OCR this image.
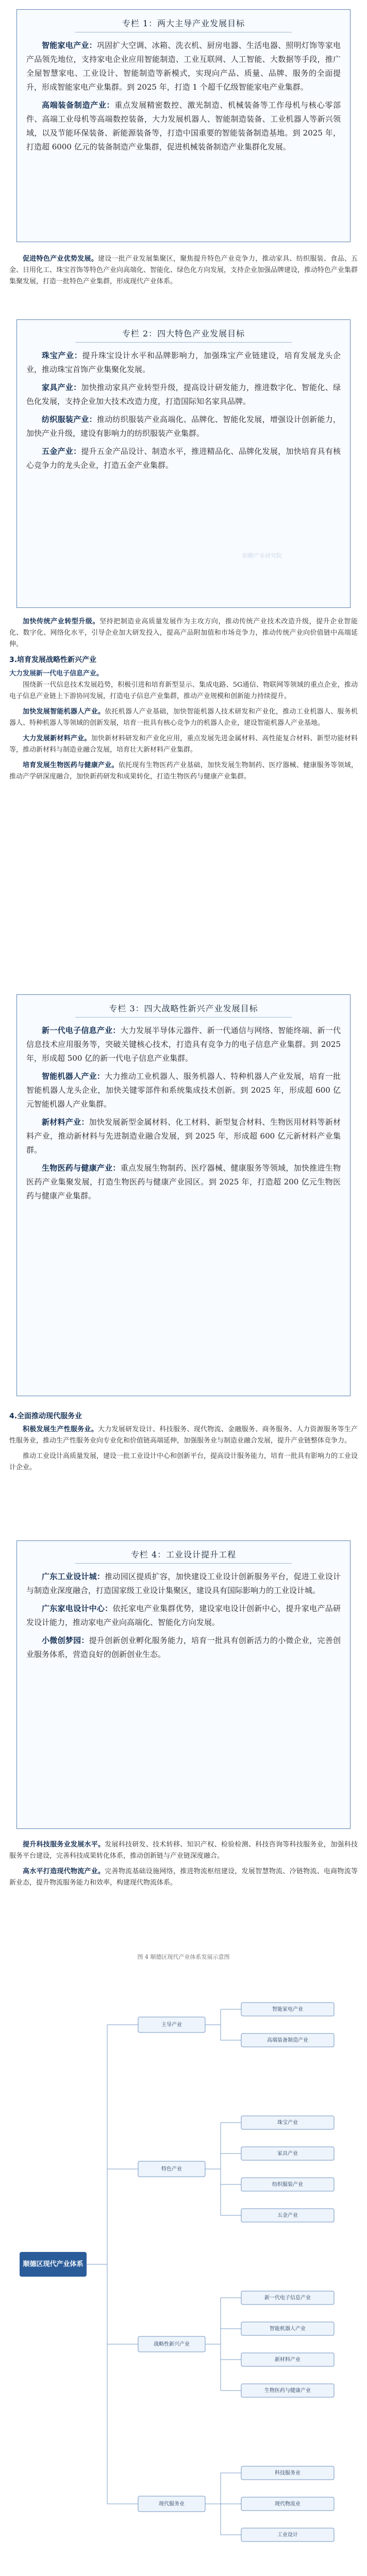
专栏 1：两大主导产业发展目标

智能家电产业：巩固扩大空调、冰箱、洗衣机、厨房电器、生活电器、照明灯饰等家电产品领先地位，支持家电企业应用智能制造、工业互联网、人工智能、大数据等手段，推广全屋智慧家电、工业设计、智能制造等新模式，实现向产品、质量、品牌、服务的全面提升，形成智能家电产业集群。到 2025 年，打造 1 个超千亿级智能家电产业集群。

高端装备制造产业：重点发展精密数控、激光制造、机械装备等工作母机与核心零部件、高端工业母机等高端数控装备，大力发展机器人、智能制造装备、工业机器人等新兴领域，以及节能环保装备、新能源装备等，打造中国重要的智能装备制造基地。到 2025 年，打造超 6000 亿元的装备制造产业集群，促进机械装备制造产业集群化发展。

促进特色产业优势发展。建设一批产业发展集聚区，聚焦提升特色产业竞争力，推动家具、纺织服装、食品、五金、日用化工、珠宝首饰等特色产业向高端化、智能化、绿色化方向发展，支持企业加强品牌建设，推动特色产业集群集聚发展，打造一批特色产业集群，形成现代产业体系。

专栏 2：四大特色产业发展目标

珠宝产业：提升珠宝设计水平和品牌影响力，加强珠宝产业链建设，培育发展龙头企业，推动珠宝首饰产业集聚化发展。

家具产业：加快推动家具产业转型升级，提高设计研发能力，推进数字化、智能化、绿色化发展，支持企业加大技术改造力度，打造国际知名家具品牌。

纺织服装产业：推动纺织服装产业高端化、品牌化、智能化发展，增强设计创新能力，加快产业升级，建设有影响力的纺织服装产业集群。

五金产业：提升五金产品设计、制造水平，推进精品化、品牌化发展，加快培育具有核心竞争力的龙头企业，打造五金产业集群。

前瞻产业研究院

加快传统产业转型升级。坚持把制造业高质量发展作为主攻方向，推动传统产业技术改造升级，提升企业智能化、数字化、网络化水平，引导企业加大研发投入，提高产品附加值和市场竞争力，推动传统产业向价值链中高端延伸。

3.培育发展战略性新兴产业
大力发展新一代电子信息产业。

围绕新一代信息技术发展趋势，积极引进和培育新型显示、集成电路、5G通信、物联网等领域的重点企业，推动电子信息产业链上下游协同发展，打造电子信息产业集群，推动产业规模和创新能力持续提升。

加快发展智能机器人产业。依托机器人产业基础，加快智能机器人技术研发和产业化，推动工业机器人、服务机器人、特种机器人等领域的创新发展，培育一批具有核心竞争力的机器人企业，建设智能机器人产业基地。

大力发展新材料产业。加快新材料研发和产业化应用，重点发展先进金属材料、高性能复合材料、新型功能材料等，推动新材料与制造业融合发展，培育壮大新材料产业集群。

培育发展生物医药与健康产业。依托现有生物医药产业基础，加快发展生物制药、医疗器械、健康服务等领域，推动产学研深度融合，加快新药研发和成果转化，打造生物医药与健康产业集群。

专栏 3：四大战略性新兴产业发展目标

新一代电子信息产业：大力发展半导体元器件、新一代通信与网络、智能终端、新一代信息技术应用服务等，突破关键核心技术，打造具有竞争力的电子信息产业集群。到 2025 年，形成超 500 亿的新一代电子信息产业集群。

智能机器人产业：大力推动工业机器人、服务机器人、特种机器人产业发展，培育一批智能机器人龙头企业，加快关键零部件和系统集成技术创新。到 2025 年，形成超 600 亿元智能机器人产业集群。

新材料产业：加快发展新型金属材料、化工材料、新型复合材料、生物医用材料等新材料产业，推动新材料与先进制造业融合发展，到 2025 年，形成超 600 亿元新材料产业集群。

生物医药与健康产业：重点发展生物制药、医疗器械、健康服务等领域，加快推进生物医药产业集聚发展，打造生物医药与健康产业园区。到 2025 年，打造超 200 亿元生物医药与健康产业集群。

4.全面推动现代服务业

积极发展生产性服务业。大力发展研发设计、科技服务、现代物流、金融服务、商务服务、人力资源服务等生产性服务业，推动生产性服务业向专业化和价值链高端延伸，加强服务业与制造业融合发展，提升产业链整体竞争力。

推动工业设计高质量发展，建设一批工业设计中心和创新平台，提高设计服务能力，培育一批具有影响力的工业设计企业。

专栏 4：工业设计提升工程

广东工业设计城：推动园区提质扩容，加快建设工业设计创新服务平台，促进工业设计与制造业深度融合，打造国家级工业设计集聚区，建设具有国际影响力的工业设计城。

广东家电设计中心：依托家电产业集群优势，建设家电设计创新中心，提升家电产品研发设计能力，推动家电产业向高端化、智能化方向发展。

小微创梦园：提升创新创业孵化服务能力，培育一批具有创新活力的小微企业，完善创业服务体系，营造良好的创新创业生态。

提升科技服务业发展水平。发展科技研发、技术转移、知识产权、检验检测、科技咨询等科技服务业，加强科技服务平台建设，完善科技成果转化体系，推动创新链与产业链深度融合。

高水平打造现代物流产业。完善物流基础设施网络，推进物流枢纽建设，发展智慧物流、冷链物流、电商物流等新业态，提升物流服务能力和效率，构建现代物流体系。

图 4 顺德区现代产业体系发展示意图
顺德区现代产业体系
主导产业
智能家电产业
高端装备制造产业
特色产业
珠宝产业
家具产业
纺织服装产业
五金产业
战略性新兴产业
新一代电子信息产业
智能机器人产业
新材料产业
生物医药与健康产业
现代服务业
科技服务业
现代物流业
工业设计
